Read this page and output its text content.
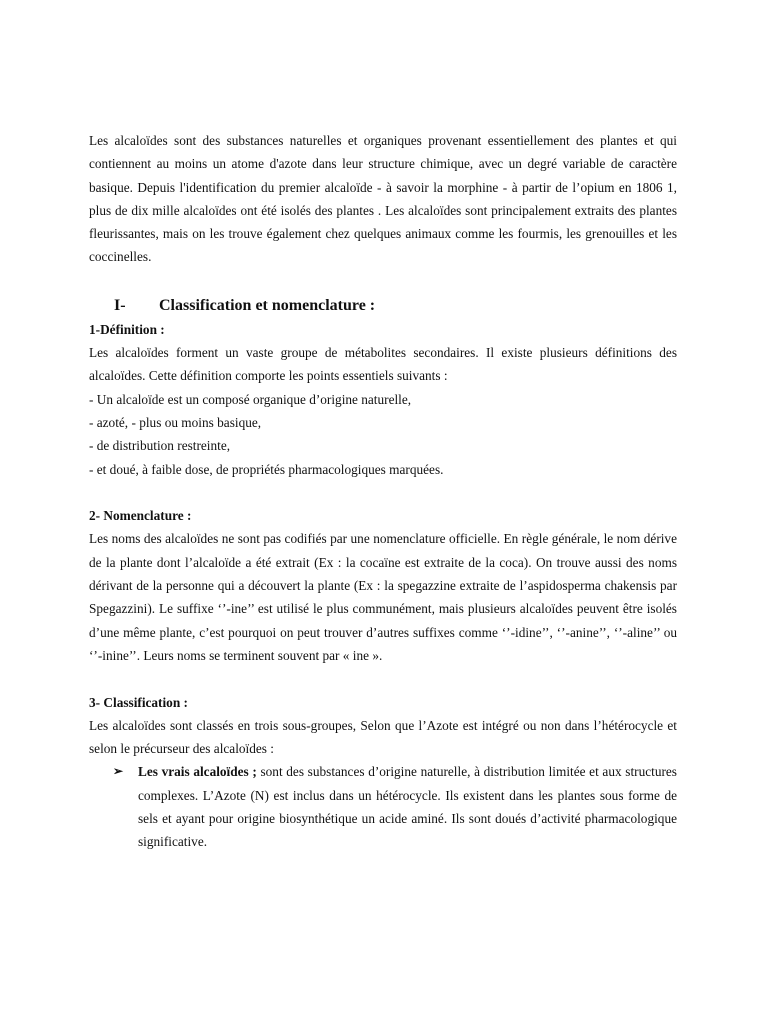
Les alcaloïdes sont des substances naturelles et organiques provenant essentiellement des plantes et qui contiennent au moins un atome d'azote dans leur structure chimique, avec un degré variable de caractère basique. Depuis l'identification du premier alcaloïde - à savoir la morphine - à partir de l’opium en 1806 1, plus de dix mille alcaloïdes ont été isolés des plantes . Les alcaloïdes sont principalement extraits des plantes fleurissantes, mais on les trouve également chez quelques animaux comme les fourmis, les grenouilles et les coccinelles.

I-	Classification et nomenclature :
1-Définition :

Les alcaloïdes forment un vaste groupe de métabolites secondaires. Il existe plusieurs définitions des alcaloïdes. Cette définition comporte les points essentiels suivants :

- Un alcaloïde est un composé organique d’origine naturelle,
- azoté, - plus ou moins basique,
- de distribution restreinte,
- et doué, à faible dose, de propriétés pharmacologiques marquées.
2- Nomenclature :

Les noms des alcaloïdes ne sont pas codifiés par une nomenclature officielle. En règle générale, le nom dérive de la plante dont l’alcaloïde a été extrait (Ex : la cocaïne est extraite de la coca). On trouve aussi des noms dérivant de la personne qui a découvert la plante (Ex : la spegazzine extraite de l’aspidosperma chakensis par Spegazzini). Le suffixe ‘’-ine’’ est utilisé le plus communément, mais plusieurs alcaloïdes peuvent être isolés d’une même plante, c’est pourquoi on peut trouver d’autres suffixes comme ‘’-idine’’, ‘’-anine’’, ‘’-aline’’ ou ‘’-inine’’. Leurs noms se terminent souvent par « ine ».

3- Classification :

Les alcaloïdes sont classés en trois sous-groupes, Selon que l’Azote est intégré ou non dans l’hétérocycle et selon le précurseur des alcaloïdes :

➢ Les vrais alcaloïdes ; sont des substances d’origine naturelle, à distribution limitée et aux structures complexes. L’Azote (N) est inclus dans un hétérocycle. Ils existent dans les plantes sous forme de sels et ayant pour origine biosynthétique un acide aminé. Ils sont doués d’activité pharmacologique significative.
